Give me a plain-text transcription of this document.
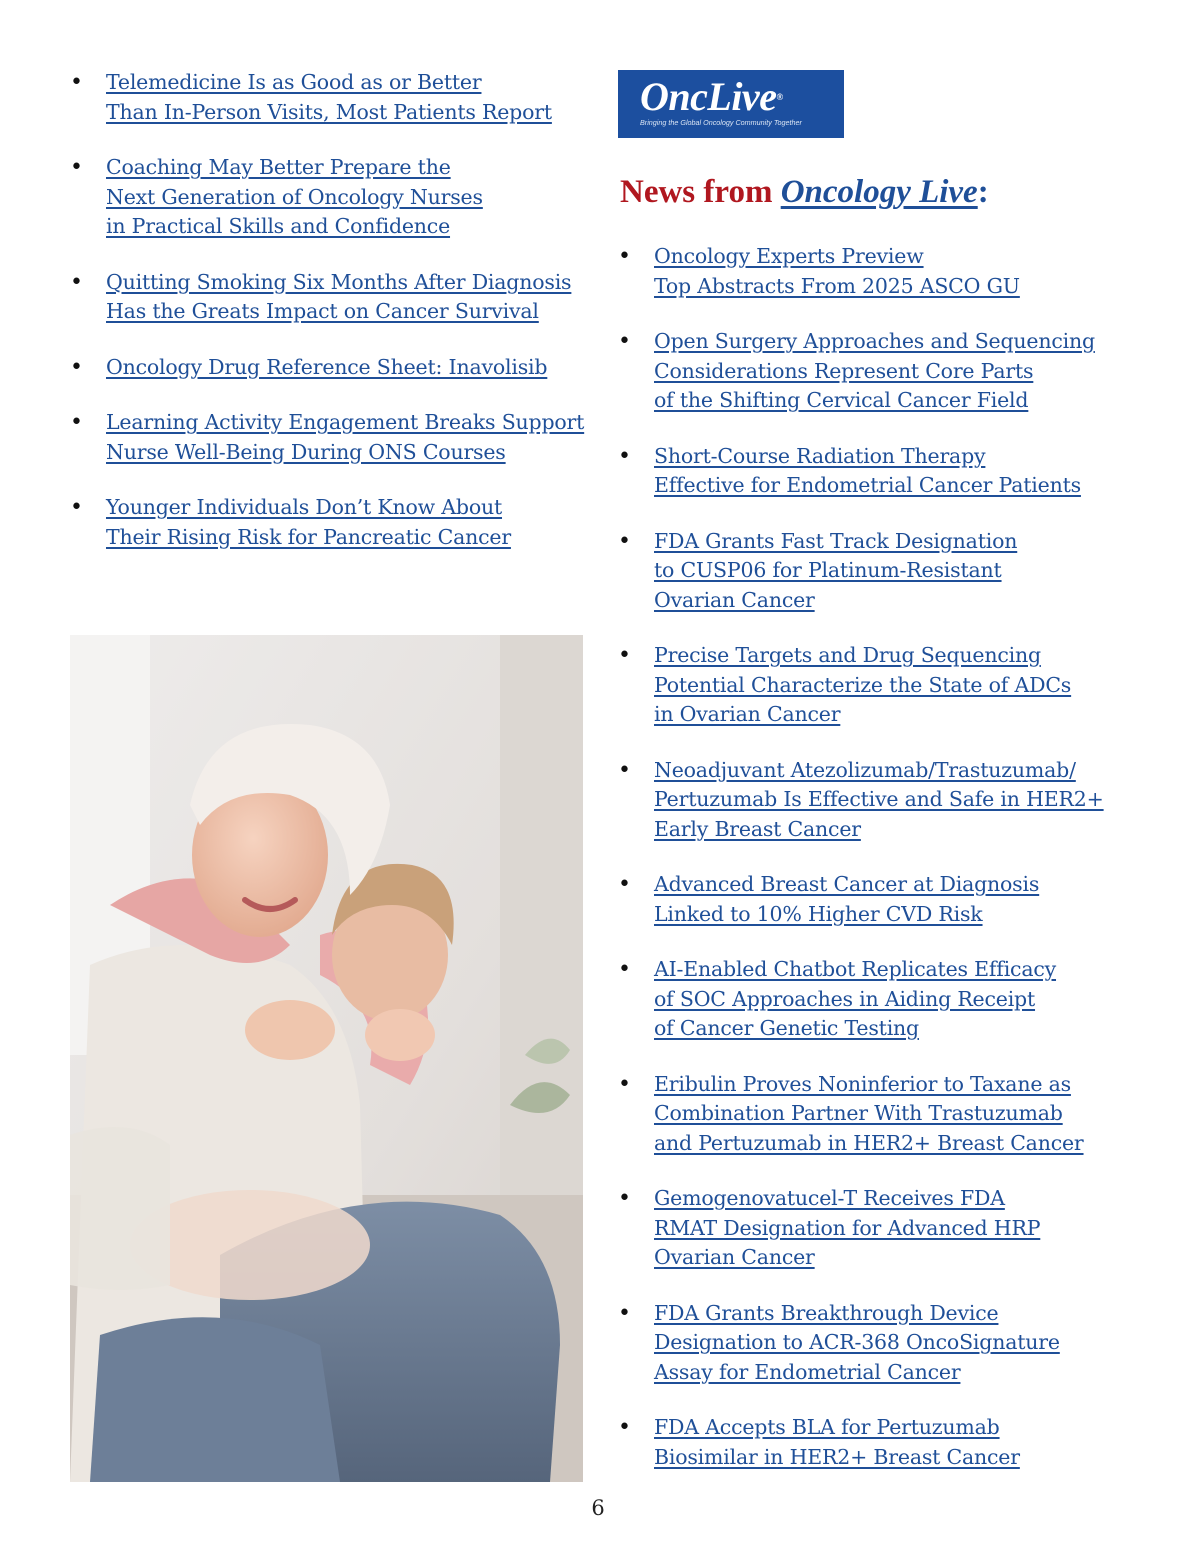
• Telemedicine Is as Good as or Better
Than In-Person Visits, Most Patients Report
• Coaching May Better Prepare the
Next Generation of Oncology Nurses
in Practical Skills and Confidence
• Quitting Smoking Six Months After Diagnosis
Has the Greats Impact on Cancer Survival
• Oncology Drug Reference Sheet: Inavolisib
• Learning Activity Engagement Breaks Support
Nurse Well-Being During ONS Courses
• Younger Individuals Don’t Know About
Their Rising Risk for Pancreatic Cancer
OncLive®
Bringing the Global Oncology Community Together
News from Oncology Live:
• Oncology Experts Preview
Top Abstracts From 2025 ASCO GU
• Open Surgery Approaches and Sequencing
Considerations Represent Core Parts
of the Shifting Cervical Cancer Field
• Short-Course Radiation Therapy
Effective for Endometrial Cancer Patients
• FDA Grants Fast Track Designation
to CUSP06 for Platinum-Resistant
Ovarian Cancer
• Precise Targets and Drug Sequencing
Potential Characterize the State of ADCs
in Ovarian Cancer
• Neoadjuvant Atezolizumab/Trastuzumab/
Pertuzumab Is Effective and Safe in HER2+
Early Breast Cancer
• Advanced Breast Cancer at Diagnosis
Linked to 10% Higher CVD Risk
• AI-Enabled Chatbot Replicates Efficacy
of SOC Approaches in Aiding Receipt
of Cancer Genetic Testing
• Eribulin Proves Noninferior to Taxane as
Combination Partner With Trastuzumab
and Pertuzumab in HER2+ Breast Cancer
• Gemogenovatucel-T Receives FDA
RMAT Designation for Advanced HRP
Ovarian Cancer
• FDA Grants Breakthrough Device
Designation to ACR-368 OncoSignature
Assay for Endometrial Cancer
• FDA Accepts BLA for Pertuzumab
Biosimilar in HER2+ Breast Cancer
6
